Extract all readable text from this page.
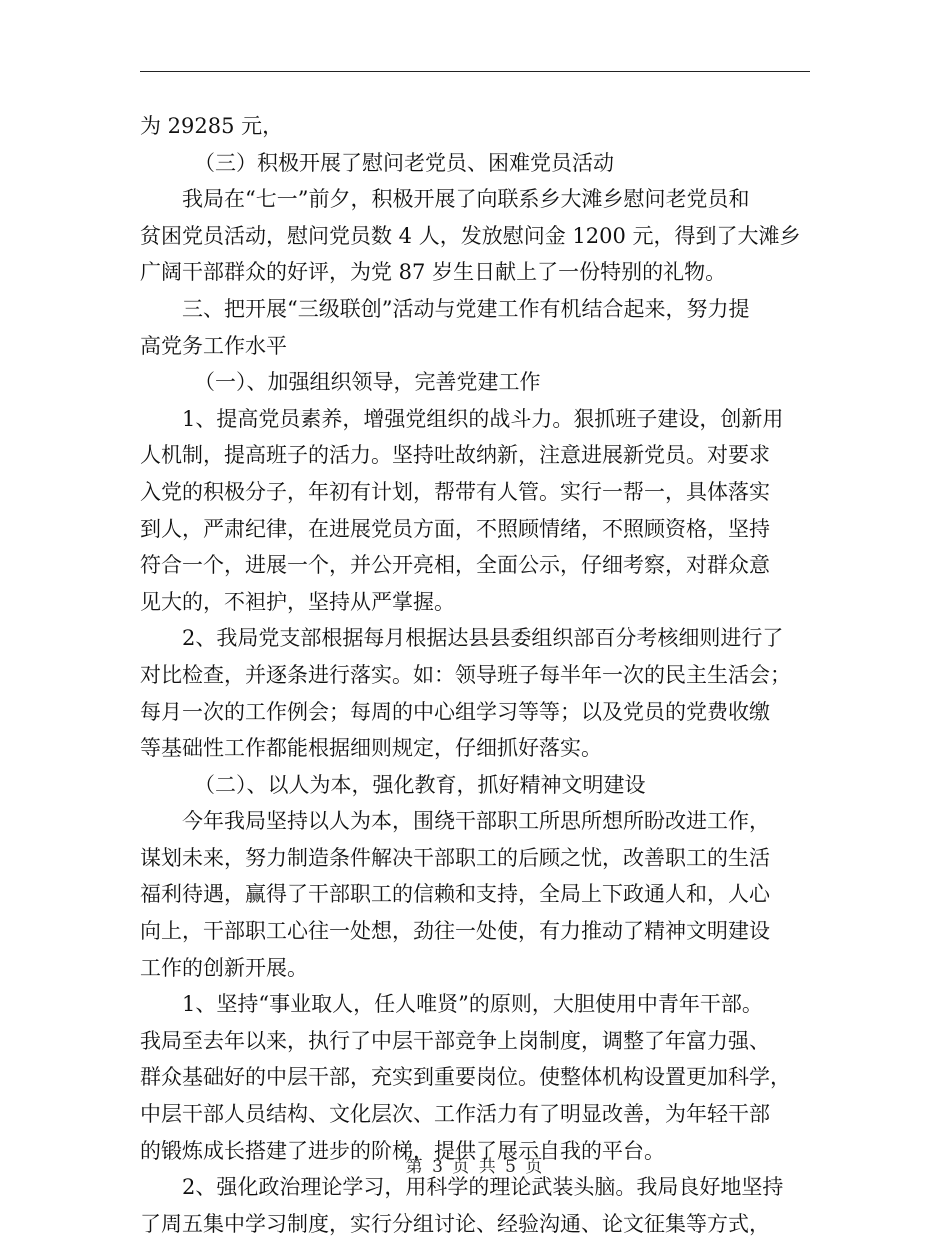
为 29285 元，
（三）积极开展了慰问老党员、困难党员活动
我局在“七一”前夕，积极开展了向联系乡大滩乡慰问老党员和
贫困党员活动，慰问党员数 4 人，发放慰问金 1200 元，得到了大滩乡
广阔干部群众的好评，为党 87 岁生日献上了一份特别的礼物。
三、把开展“三级联创”活动与党建工作有机结合起来，努力提
高党务工作水平
（一）、加强组织领导，完善党建工作
1、提高党员素养，增强党组织的战斗力。狠抓班子建设，创新用
人机制，提高班子的活力。坚持吐故纳新，注意进展新党员。对要求
入党的积极分子，年初有计划，帮带有人管。实行一帮一，具体落实
到人，严肃纪律，在进展党员方面，不照顾情绪，不照顾资格，坚持
符合一个，进展一个，并公开亮相，全面公示，仔细考察，对群众意
见大的，不袒护，坚持从严掌握。
2、我局党支部根据每月根据达县县委组织部百分考核细则进行了
对比检查，并逐条进行落实。如：领导班子每半年一次的民主生活会；
每月一次的工作例会；每周的中心组学习等等；以及党员的党费收缴
等基础性工作都能根据细则规定，仔细抓好落实。
（二）、以人为本，强化教育，抓好精神文明建设
今年我局坚持以人为本，围绕干部职工所思所想所盼改进工作，
谋划未来，努力制造条件解决干部职工的后顾之忧，改善职工的生活
福利待遇，赢得了干部职工的信赖和支持，全局上下政通人和，人心
向上，干部职工心往一处想，劲往一处使，有力推动了精神文明建设
工作的创新开展。
1、坚持“事业取人，任人唯贤”的原则，大胆使用中青年干部。
我局至去年以来，执行了中层干部竞争上岗制度，调整了年富力强、
群众基础好的中层干部，充实到重要岗位。使整体机构设置更加科学，
中层干部人员结构、文化层次、工作活力有了明显改善，为年轻干部
的锻炼成长搭建了进步的阶梯，提供了展示自我的平台。
2、强化政治理论学习，用科学的理论武装头脑。我局良好地坚持
了周五集中学习制度，实行分组讨论、经验沟通、论文征集等方式，
第 3 页 共 5 页
